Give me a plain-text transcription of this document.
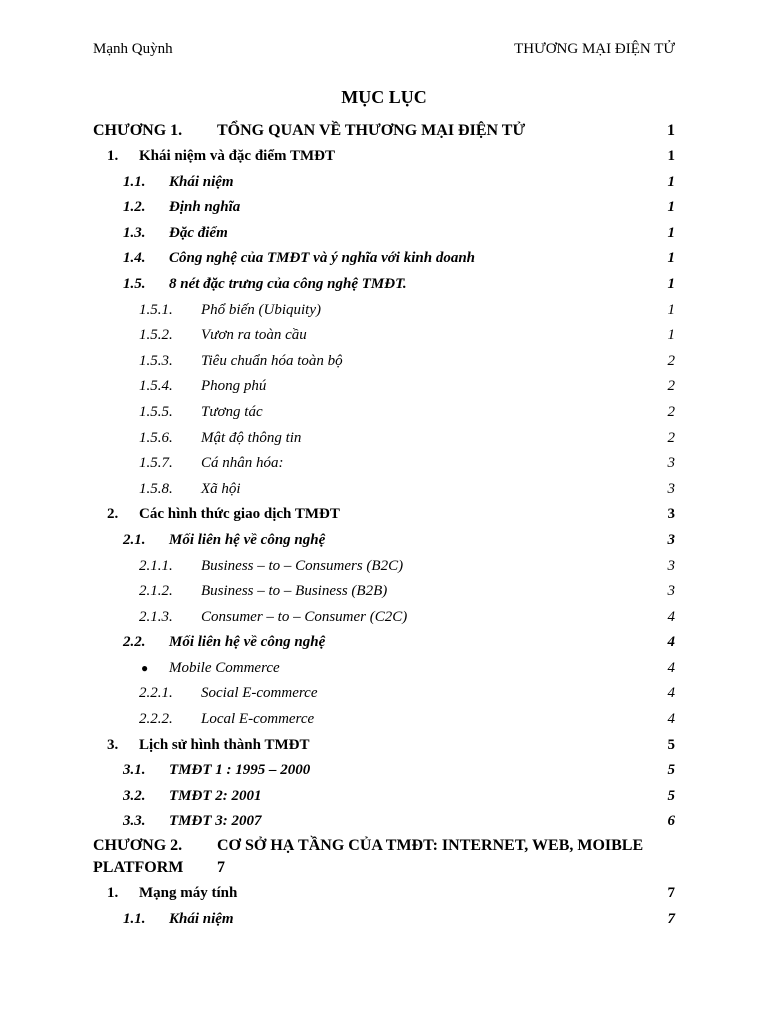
Mạnh Quỳnh	THƯƠNG MẠI ĐIỆN TỬ
MỤC LỤC
CHƯƠNG 1. TỔNG QUAN VỀ THƯƠNG MẠI ĐIỆN TỬ	1
1. Khái niệm và đặc điểm TMĐT	1
1.1. Khái niệm	1
1.2. Định nghĩa	1
1.3. Đặc điểm	1
1.4. Công nghệ của TMĐT và ý nghĩa với kinh doanh	1
1.5. 8 nét đặc trưng của công nghệ TMĐT.	1
1.5.1. Phổ biến (Ubiquity)	1
1.5.2. Vươn ra toàn cầu	1
1.5.3. Tiêu chuẩn hóa toàn bộ	2
1.5.4. Phong phú	2
1.5.5. Tương tác	2
1.5.6. Mật độ thông tin	2
1.5.7. Cá nhân hóa:	3
1.5.8. Xã hội	3
2. Các hình thức giao dịch TMĐT	3
2.1. Mối liên hệ về công nghệ	3
2.1.1. Business – to – Consumers (B2C)	3
2.1.2. Business – to – Business (B2B)	3
2.1.3. Consumer – to – Consumer (C2C)	4
2.2. Mối liên hệ về công nghệ	4
● Mobile Commerce	4
2.2.1. Social E-commerce	4
2.2.2. Local E-commerce	4
3. Lịch sử hình thành TMĐT	5
3.1. TMĐT 1 : 1995 – 2000	5
3.2. TMĐT 2: 2001	5
3.3. TMĐT 3: 2007	6
CHƯƠNG 2. CƠ SỞ HẠ TẦNG CỦA TMĐT: INTERNET, WEB, MOIBLE
PLATFORM 7
1. Mạng máy tính	7
1.1. Khái niệm	7
